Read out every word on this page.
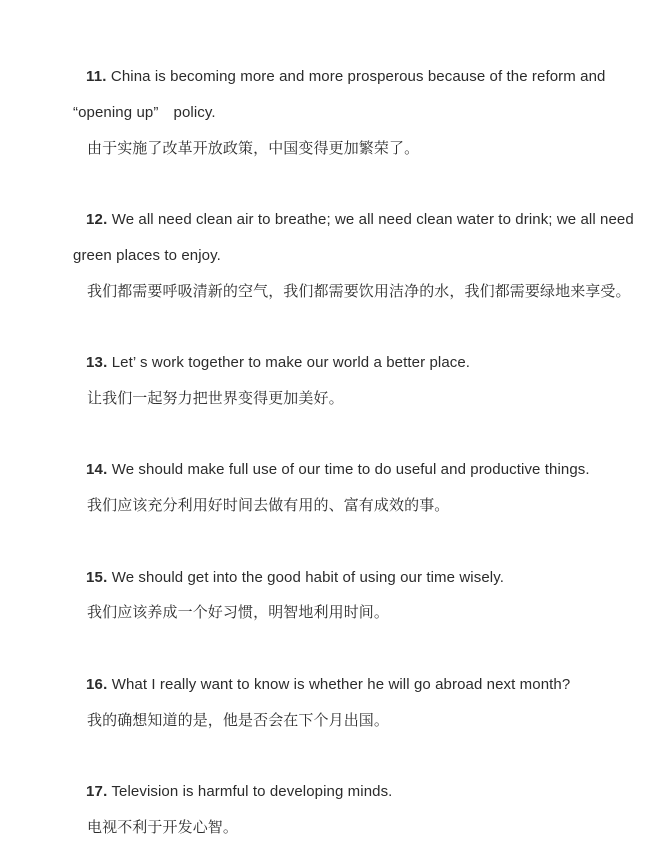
11. China is becoming more and more prosperous because of the reform and
“opening up”　policy.
由于实施了改革开放政策，中国变得更加繁荣了。
12. We all need clean air to breathe; we all need clean water to drink; we all need
green places to enjoy.
我们都需要呼吸清新的空气，我们都需要饮用洁净的水，我们都需要绿地来享受。
13. Let’ s work together to make our world a better place.
让我们一起努力把世界变得更加美好。
14. We should make full use of our time to do useful and productive things.
我们应该充分利用好时间去做有用的、富有成效的事。
15. We should get into the good habit of using our time wisely.
我们应该养成一个好习惯，明智地利用时间。
16. What I really want to know is whether he will go abroad next month?
我的确想知道的是，他是否会在下个月出国。
17. Television is harmful to developing minds.
电视不利于开发心智。
